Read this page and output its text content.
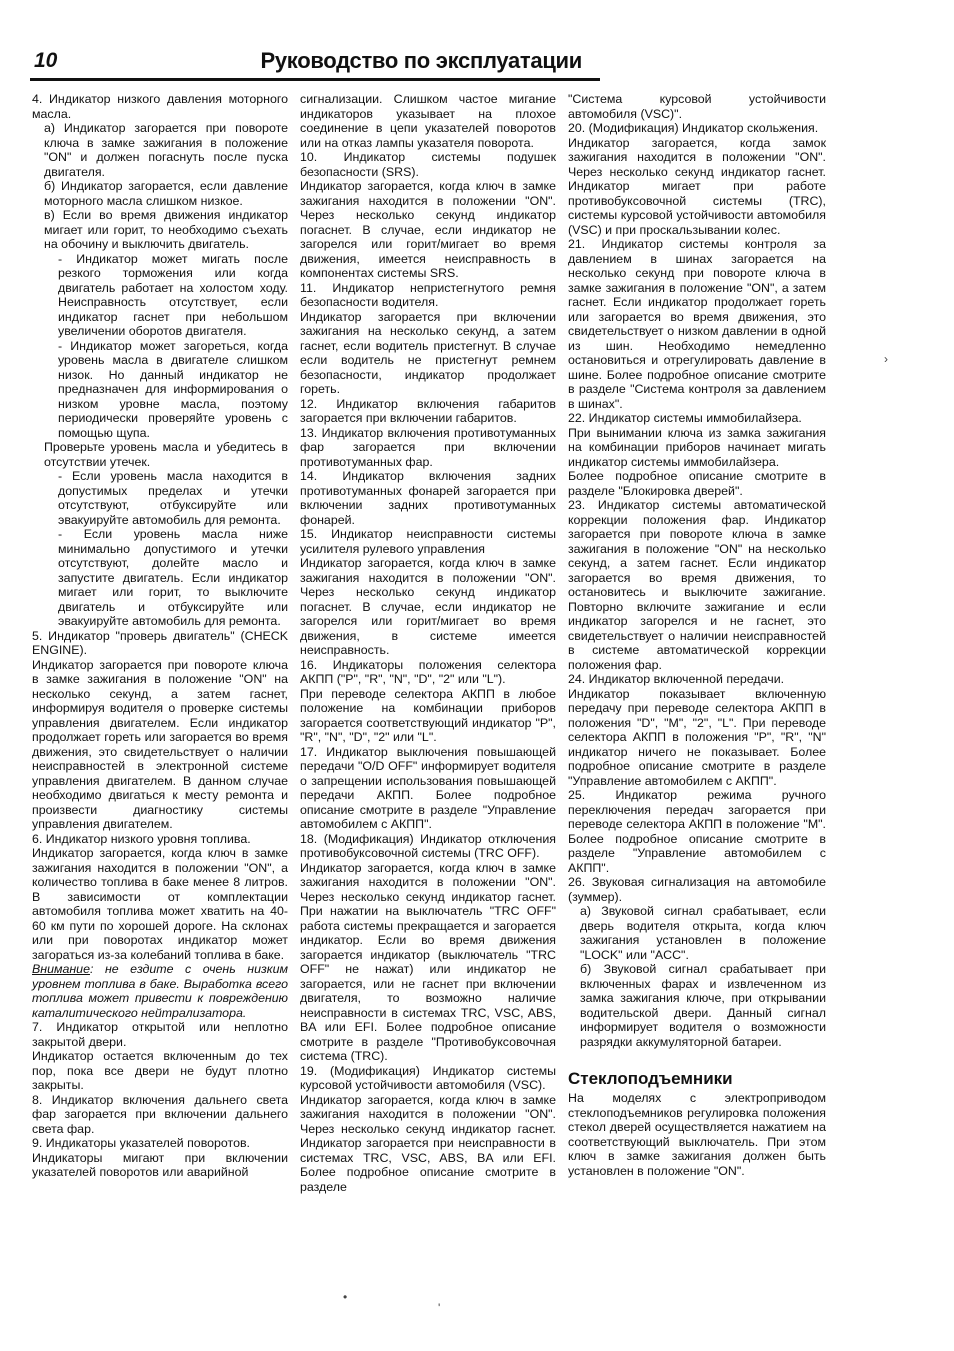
10	Руководство по эксплуатации

4. Индикатор низкого давления моторного масла.

а) Индикатор загорается при повороте ключа в замке зажигания в положение "ON" и должен погаснуть после пуска двигателя.

б) Индикатор загорается, если давление моторного масла слишком низкое.

в) Если во время движения индикатор мигает или горит, то необходимо съехать на обочину и выключить двигатель.

- Индикатор может мигать после резкого торможения или когда двигатель работает на холостом ходу. Неисправность отсутствует, если индикатор гаснет при небольшом увеличении оборотов двигателя.

- Индикатор может загореться, когда уровень масла в двигателе слишком низок. Но данный индикатор не предназначен для информирования о низком уровне масла, поэтому периодически проверяйте уровень с помощью щупа.

Проверьте уровень масла и убедитесь в отсутствии утечек.

- Если уровень масла находится в допустимых пределах и утечки отсутствуют, отбуксируйте или эвакуируйте автомобиль для ремонта.

- Если уровень масла ниже минимально допустимого и утечки отсутствуют, долейте масло и запустите двигатель. Если индикатор мигает или горит, то выключите двигатель и отбуксируйте или эвакуируйте автомобиль для ремонта.

5. Индикатор "проверь двигатель" (CHECK ENGINE).

Индикатор загорается при повороте ключа в замке зажигания в положение "ON" на несколько секунд, а затем гаснет, информируя водителя о проверке системы управления двигателем. Если индикатор продолжает гореть или загорается во время движения, это свидетельствует о наличии неисправностей в электронной системе управления двигателем. В данном случае необходимо двигаться к месту ремонта и произвести диагностику системы управления двигателем.

6. Индикатор низкого уровня топлива.

Индикатор загорается, когда ключ в замке зажигания находится в положении "ON", а количество топлива в баке менее 8 литров. В зависимости от комплектации автомобиля топлива может хватить на 40-60 км пути по хорошей дороге. На склонах или при поворотах индикатор может загораться из-за колебаний топлива в баке.

Внимание: не ездите с очень низким уровнем топлива в баке. Выработка всего топлива может привести к повреждению каталитического нейтрализатора.

7. Индикатор открытой или неплотно закрытой двери.

Индикатор остается включенным до тех пор, пока все двери не будут плотно закрыты.

8. Индикатор включения дальнего света фар загорается при включении дальнего света фар.

9. Индикаторы указателей поворотов.

Индикаторы мигают при включении указателей поворотов или аварийной

сигнализации. Слишком частое мигание индикаторов указывает на плохое соединение в цепи указателей поворотов или на отказ лампы указателя поворота.

10. Индикатор системы подушек безопасности (SRS).

Индикатор загорается, когда ключ в замке зажигания находится в положении "ON". Через несколько секунд индикатор погаснет. В случае, если индикатор не загорелся или горит/мигает во время движения, имеется неисправность в компонентах системы SRS.

11. Индикатор непристегнутого ремня безопасности водителя.

Индикатор загорается при включении зажигания на несколько секунд, а затем гаснет, если водитель пристегнут. В случае если водитель не пристегнут ремнем безопасности, индикатор продолжает гореть.

12. Индикатор включения габаритов загорается при включении габаритов.

13. Индикатор включения противотуманных фар загорается при включении противотуманных фар.

14. Индикатор включения задних противотуманных фонарей загорается при включении задних противотуманных фонарей.

15. Индикатор неисправности системы усилителя рулевого управления

Индикатор загорается, когда ключ в замке зажигания находится в положении "ON". Через несколько секунд индикатор погаснет. В случае, если индикатор не загорелся или горит/мигает во время движения, в системе имеется неисправность.

16. Индикаторы положения селектора АКПП ("P", "R", "N", "D", "2" или "L").

При переводе селектора АКПП в любое положение на комбинации приборов загорается соответствующий индикатор "P", "R", "N", "D", "2" или "L".

17. Индикатор выключения повышающей передачи "O/D OFF" информирует водителя о запрещении использования повышающей передачи АКПП. Более подробное описание смотрите в разделе "Управление автомобилем с АКПП".

18. (Модификация) Индикатор отключения противобуксовочной системы (TRC OFF).

Индикатор загорается, когда ключ в замке зажигания находится в положении "ON". Через несколько секунд индикатор гаснет. При нажатии на выключатель "TRC OFF" работа системы прекращается и загорается индикатор. Если во время движения загорается индикатор (выключатель "TRC OFF" не нажат) или индикатор не загорается, или не гаснет при включении двигателя, то возможно наличие неисправности в системах TRC, VSC, ABS, BA или EFI. Более подробное описание смотрите в разделе "Противобуксовочная система (TRC).

19. (Модификация) Индикатор системы курсовой устойчивости автомобиля (VSC).

Индикатор загорается, когда ключ в замке зажигания находится в положении "ON". Через несколько секунд индикатор гаснет. Индикатор загорается при неисправности в системах TRC, VSC, ABS, BA или EFI. Более подробное описание смотрите в разделе

"Система курсовой устойчивости автомобиля (VSC)".

20. (Модификация) Индикатор скольжения.

Индикатор загорается, когда замок зажигания находится в положении "ON". Через несколько секунд индикатор гаснет. Индикатор мигает при работе противобуксовочной системы (TRC), системы курсовой устойчивости автомобиля (VSC) и при проскальзывании колес.

21. Индикатор системы контроля за давлением в шинах загорается на несколько секунд при повороте ключа в замке зажигания в положение "ON", а затем гаснет. Если индикатор продолжает гореть или загорается во время движения, это свидетельствует о низком давлении в одной из шин. Необходимо немедленно остановиться и отрегулировать давление в шине. Более подробное описание смотрите в разделе "Система контроля за давлением в шинах".

22. Индикатор системы иммобилайзера.

При вынимании ключа из замка зажигания на комбинации приборов начинает мигать индикатор системы иммобилайзера.

Более подробное описание смотрите в разделе "Блокировка дверей".

23. Индикатор системы автоматической коррекции положения фар. Индикатор загорается при повороте ключа в замке зажигания в положение "ON" на несколько секунд, а затем гаснет. Если индикатор загорается во время движения, то остановитесь и выключите зажигание. Повторно включите зажигание и если индикатор загорелся и не гаснет, это свидетельствует о наличии неисправностей в системе автоматической коррекции положения фар.

24. Индикатор включенной передачи.

Индикатор показывает включенную передачу при переводе селектора АКПП в положения "D", "M", "2", "L". При переводе селектора АКПП в положения "P", "R", "N" индикатор ничего не показывает. Более подробное описание смотрите в разделе "Управление автомобилем с АКПП".

25. Индикатор режима ручного переключения передач загорается при переводе селектора АКПП в положение "M". Более подробное описание смотрите в разделе "Управление автомобилем с АКПП".

26. Звуковая сигнализация на автомобиле (зуммер).

а) Звуковой сигнал срабатывает, если дверь водителя открыта, когда ключ зажигания установлен в положение "LOCK" или "ACC".

б) Звуковой сигнал срабатывает при включенных фарах и извлеченном из замка зажигания ключе, при открывании водительской двери. Данный сигнал информирует водителя о возможности разрядки аккумуляторной батареи.

Стеклоподъемники

На моделях с электроприводом стеклоподъемников регулировка положения стекол дверей осуществляется нажатием на соответствующий выключатель. При этом ключ в замке зажигания должен быть установлен в положение "ON".

›
•
'
